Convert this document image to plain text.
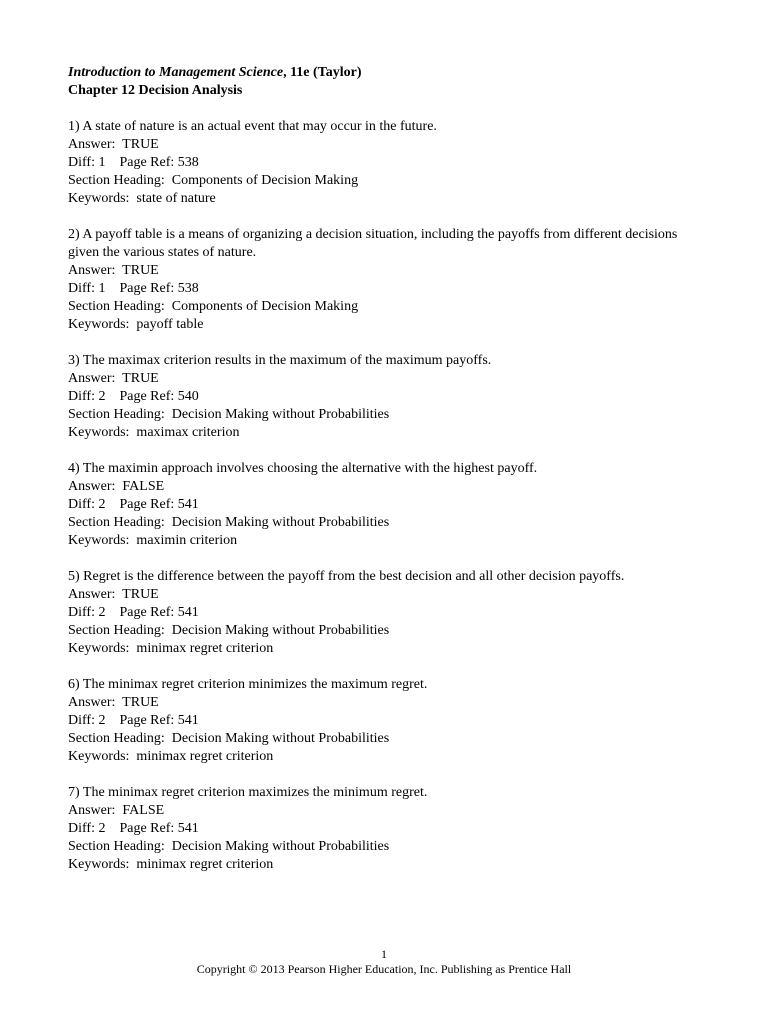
Introduction to Management Science, 11e (Taylor)
Chapter 12 Decision Analysis
1) A state of nature is an actual event that may occur in the future.
Answer:  TRUE
Diff: 1    Page Ref: 538
Section Heading:  Components of Decision Making
Keywords:  state of nature
2) A payoff table is a means of organizing a decision situation, including the payoffs from different decisions given the various states of nature.
Answer:  TRUE
Diff: 1    Page Ref: 538
Section Heading:  Components of Decision Making
Keywords:  payoff table
3) The maximax criterion results in the maximum of the maximum payoffs.
Answer:  TRUE
Diff: 2    Page Ref: 540
Section Heading:  Decision Making without Probabilities
Keywords:  maximax criterion
4) The maximin approach involves choosing the alternative with the highest payoff.
Answer:  FALSE
Diff: 2    Page Ref: 541
Section Heading:  Decision Making without Probabilities
Keywords:  maximin criterion
5) Regret is the difference between the payoff from the best decision and all other decision payoffs.
Answer:  TRUE
Diff: 2    Page Ref: 541
Section Heading:  Decision Making without Probabilities
Keywords:  minimax regret criterion
6) The minimax regret criterion minimizes the maximum regret.
Answer:  TRUE
Diff: 2    Page Ref: 541
Section Heading:  Decision Making without Probabilities
Keywords:  minimax regret criterion
7) The minimax regret criterion maximizes the minimum regret.
Answer:  FALSE
Diff: 2    Page Ref: 541
Section Heading:  Decision Making without Probabilities
Keywords:  minimax regret criterion
1
Copyright © 2013 Pearson Higher Education, Inc. Publishing as Prentice Hall
